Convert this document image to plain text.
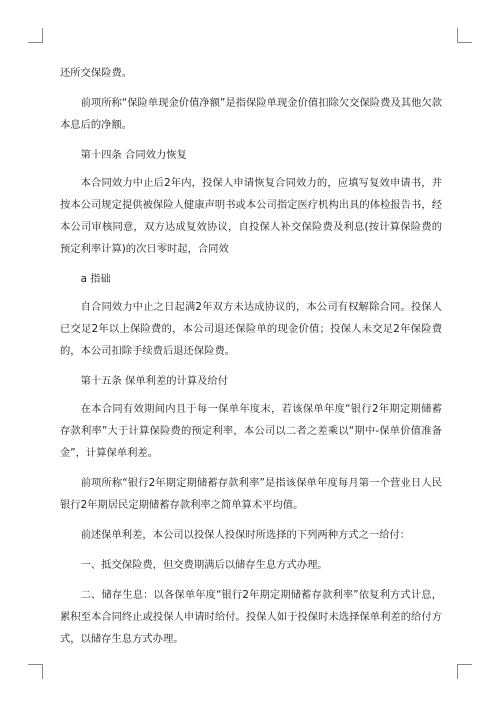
还所交保险费。

前项所称“保险单现金价值净额”是指保险单现金价值扣除欠交保险费及其他欠款本息后的净额。

第十四条 合同效力恢复

本合同效力中止后2年内，投保人申请恢复合同效力的，应填写复效申请书，并按本公司规定提供被保险人健康声明书或本公司指定医疗机构出具的体检报告书，经本公司审核同意，双方达成复效协议，自投保人补交保险费及利息(按计算保险费的预定利率计算)的次日零时起，合同效

a 指础

自合同效力中止之日起满2年双方未达成协议的，本公司有权解除合同。投保人已交足2年以上保险费的，本公司退还保险单的现金价值；投保人未交足2年保险费的，本公司扣除手续费后退还保险费。

第十五条 保单利差的计算及给付

在本合同有效期间内且于每一保单年度末，若该保单年度“银行2年期定期储蓄存款利率”大于计算保险费的预定利率，本公司以二者之差乘以“期中-保单价值准备金”，计算保单利差。

前项所称“银行2年期定期储蓄存款利率”是指该保单年度每月第一个营业日人民银行2年期居民定期储蓄存款利率之简单算术平均值。

前述保单利差，本公司以投保人投保时所选择的下列两种方式之一给付：

一、抵交保险费，但交费期满后以储存生息方式办理。

二、储存生息：以各保单年度“银行2年期定期储蓄存款利率”依复利方式计息，累积至本合同终止或投保人申请时给付。投保人如于投保时未选择保单利差的给付方式，以储存生息方式办理。
